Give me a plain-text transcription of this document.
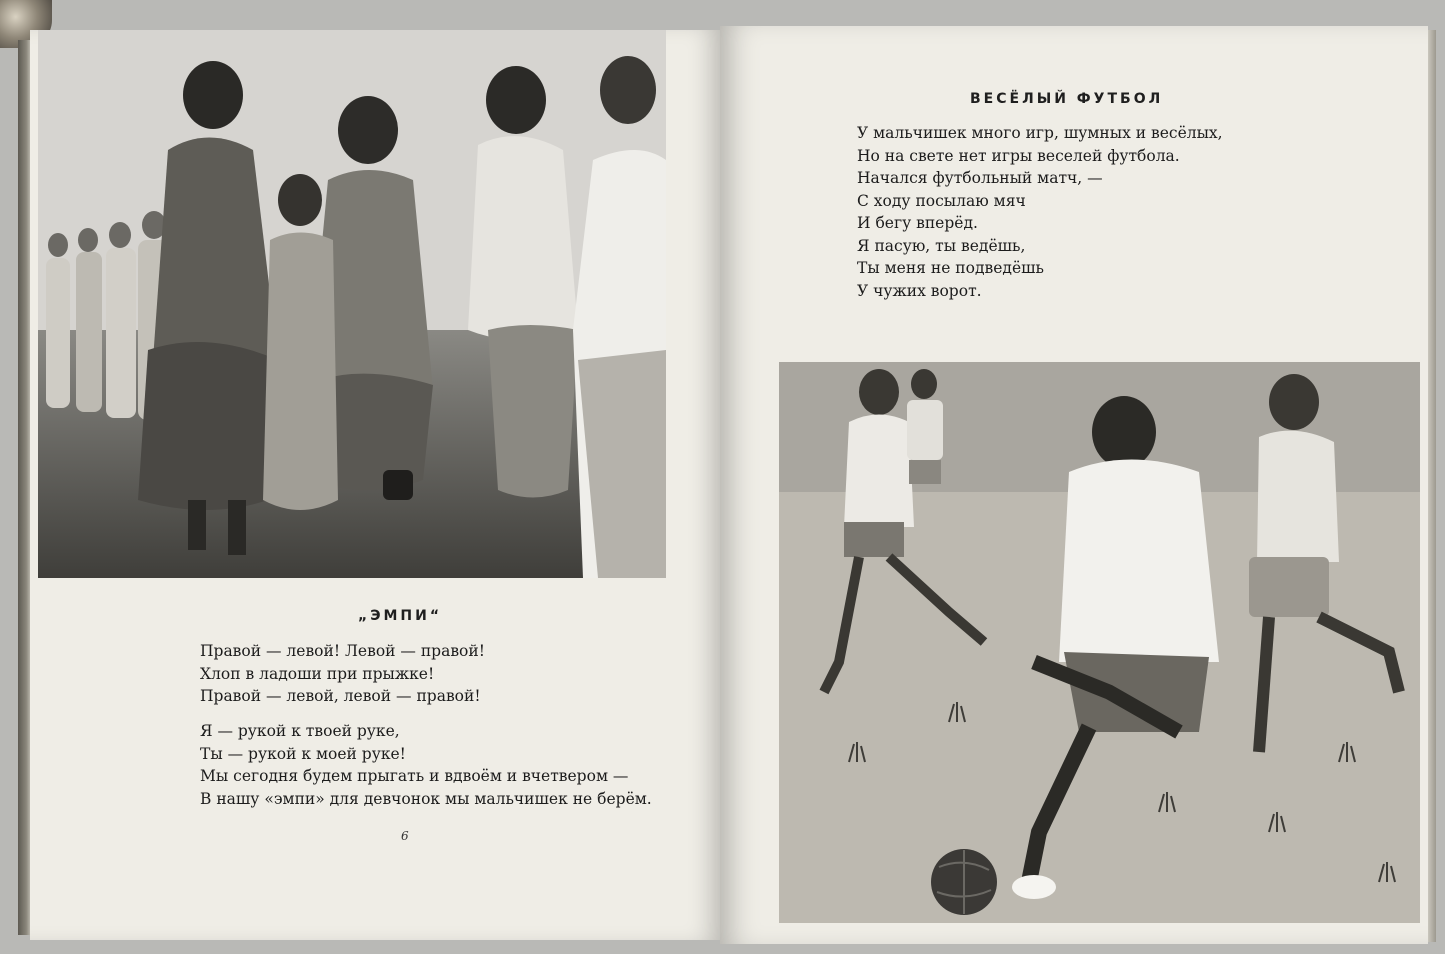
„ЭМПИ“
Правой — левой! Левой — правой!
Хлоп в ладоши при прыжке!
Правой — левой, левой — правой!
Я — рукой к твоей руке,
Ты — рукой к моей руке!
Мы сегодня будем прыгать и вдвоём и вчетвером —
В нашу «эмпи» для девчонок мы мальчишек не берём.
6
ВЕСЁЛЫЙ ФУТБОЛ
У мальчишек много игр, шумных и весёлых,
Но на свете нет игры веселей футбола.
Начался футбольный матч, —
С ходу посылаю мяч
И бегу вперёд.
Я пасую, ты ведёшь,
Ты меня не подведёшь
У чужих ворот.
